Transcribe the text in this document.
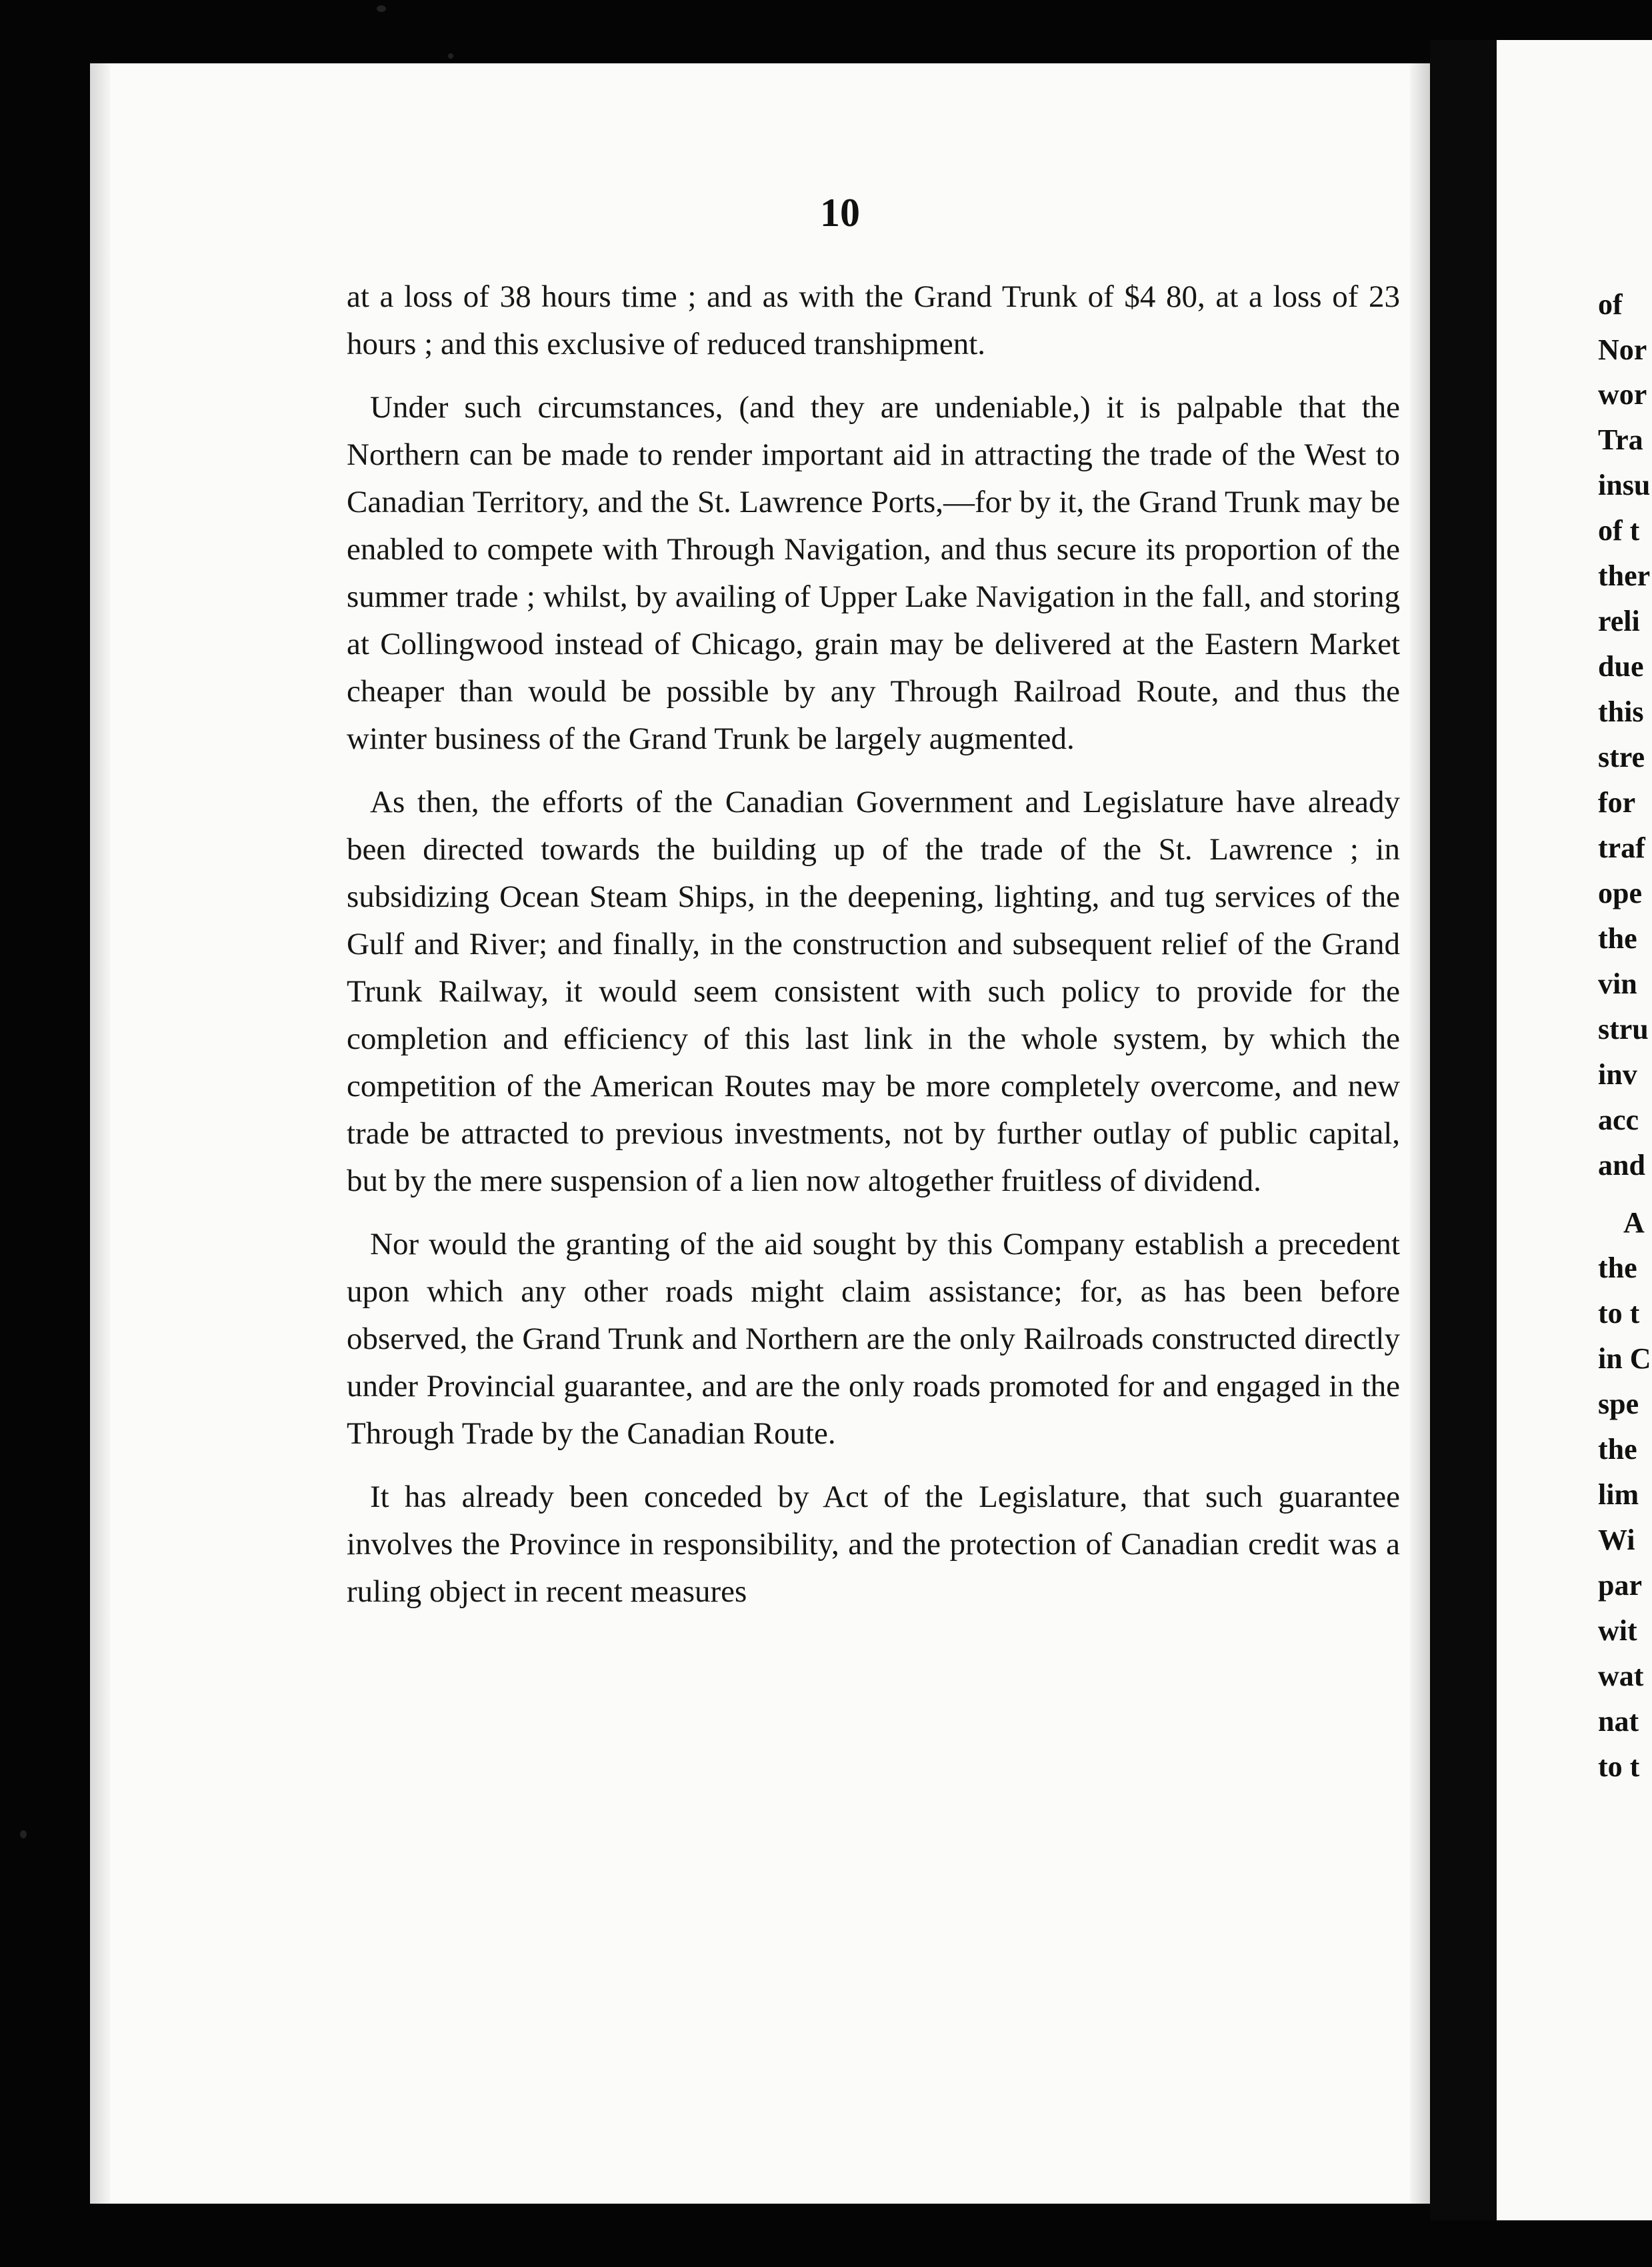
of
Nor
wor
Tra
insu
of t
ther
reli
due
this
stre
for
traf
ope
the
vin
stru
inv
acc
and
A
the
to t
in C
spe
the
lim
Wi
par
wit
wat
nat
to t
10

at a loss of 38 hours time ; and as with the Grand Trunk of $4 80, at a loss of 23 hours ; and this exclusive of reduced transhipment.

Under such circumstances, (and they are undeniable,) it is palpable that the Northern can be made to render important aid in attracting the trade of the West to Canadian Territory, and the St. Lawrence Ports,—for by it, the Grand Trunk may be enabled to compete with Through Navigation, and thus secure its proportion of the summer trade ; whilst, by availing of Upper Lake Navigation in the fall, and storing at Collingwood instead of Chicago, grain may be delivered at the Eastern Market cheaper than would be possible by any Through Railroad Route, and thus the winter business of the Grand Trunk be largely augmented.

As then, the efforts of the Canadian Government and Legislature have already been directed towards the building up of the trade of the St. Lawrence ; in subsidizing Ocean Steam Ships, in the deepening, lighting, and tug services of the Gulf and River; and finally, in the construction and subsequent relief of the Grand Trunk Railway, it would seem consistent with such policy to provide for the completion and efficiency of this last link in the whole system, by which the competition of the American Routes may be more completely overcome, and new trade be attracted to previous investments, not by further outlay of public capital, but by the mere suspension of a lien now altogether fruitless of dividend.

Nor would the granting of the aid sought by this Company establish a precedent upon which any other roads might claim assistance; for, as has been before observed, the Grand Trunk and Northern are the only Railroads constructed directly under Provincial guarantee, and are the only roads promoted for and engaged in the Through Trade by the Canadian Route.

It has already been conceded by Act of the Legislature, that such guarantee involves the Province in responsibility, and the protection of Canadian credit was a ruling object in recent measures
